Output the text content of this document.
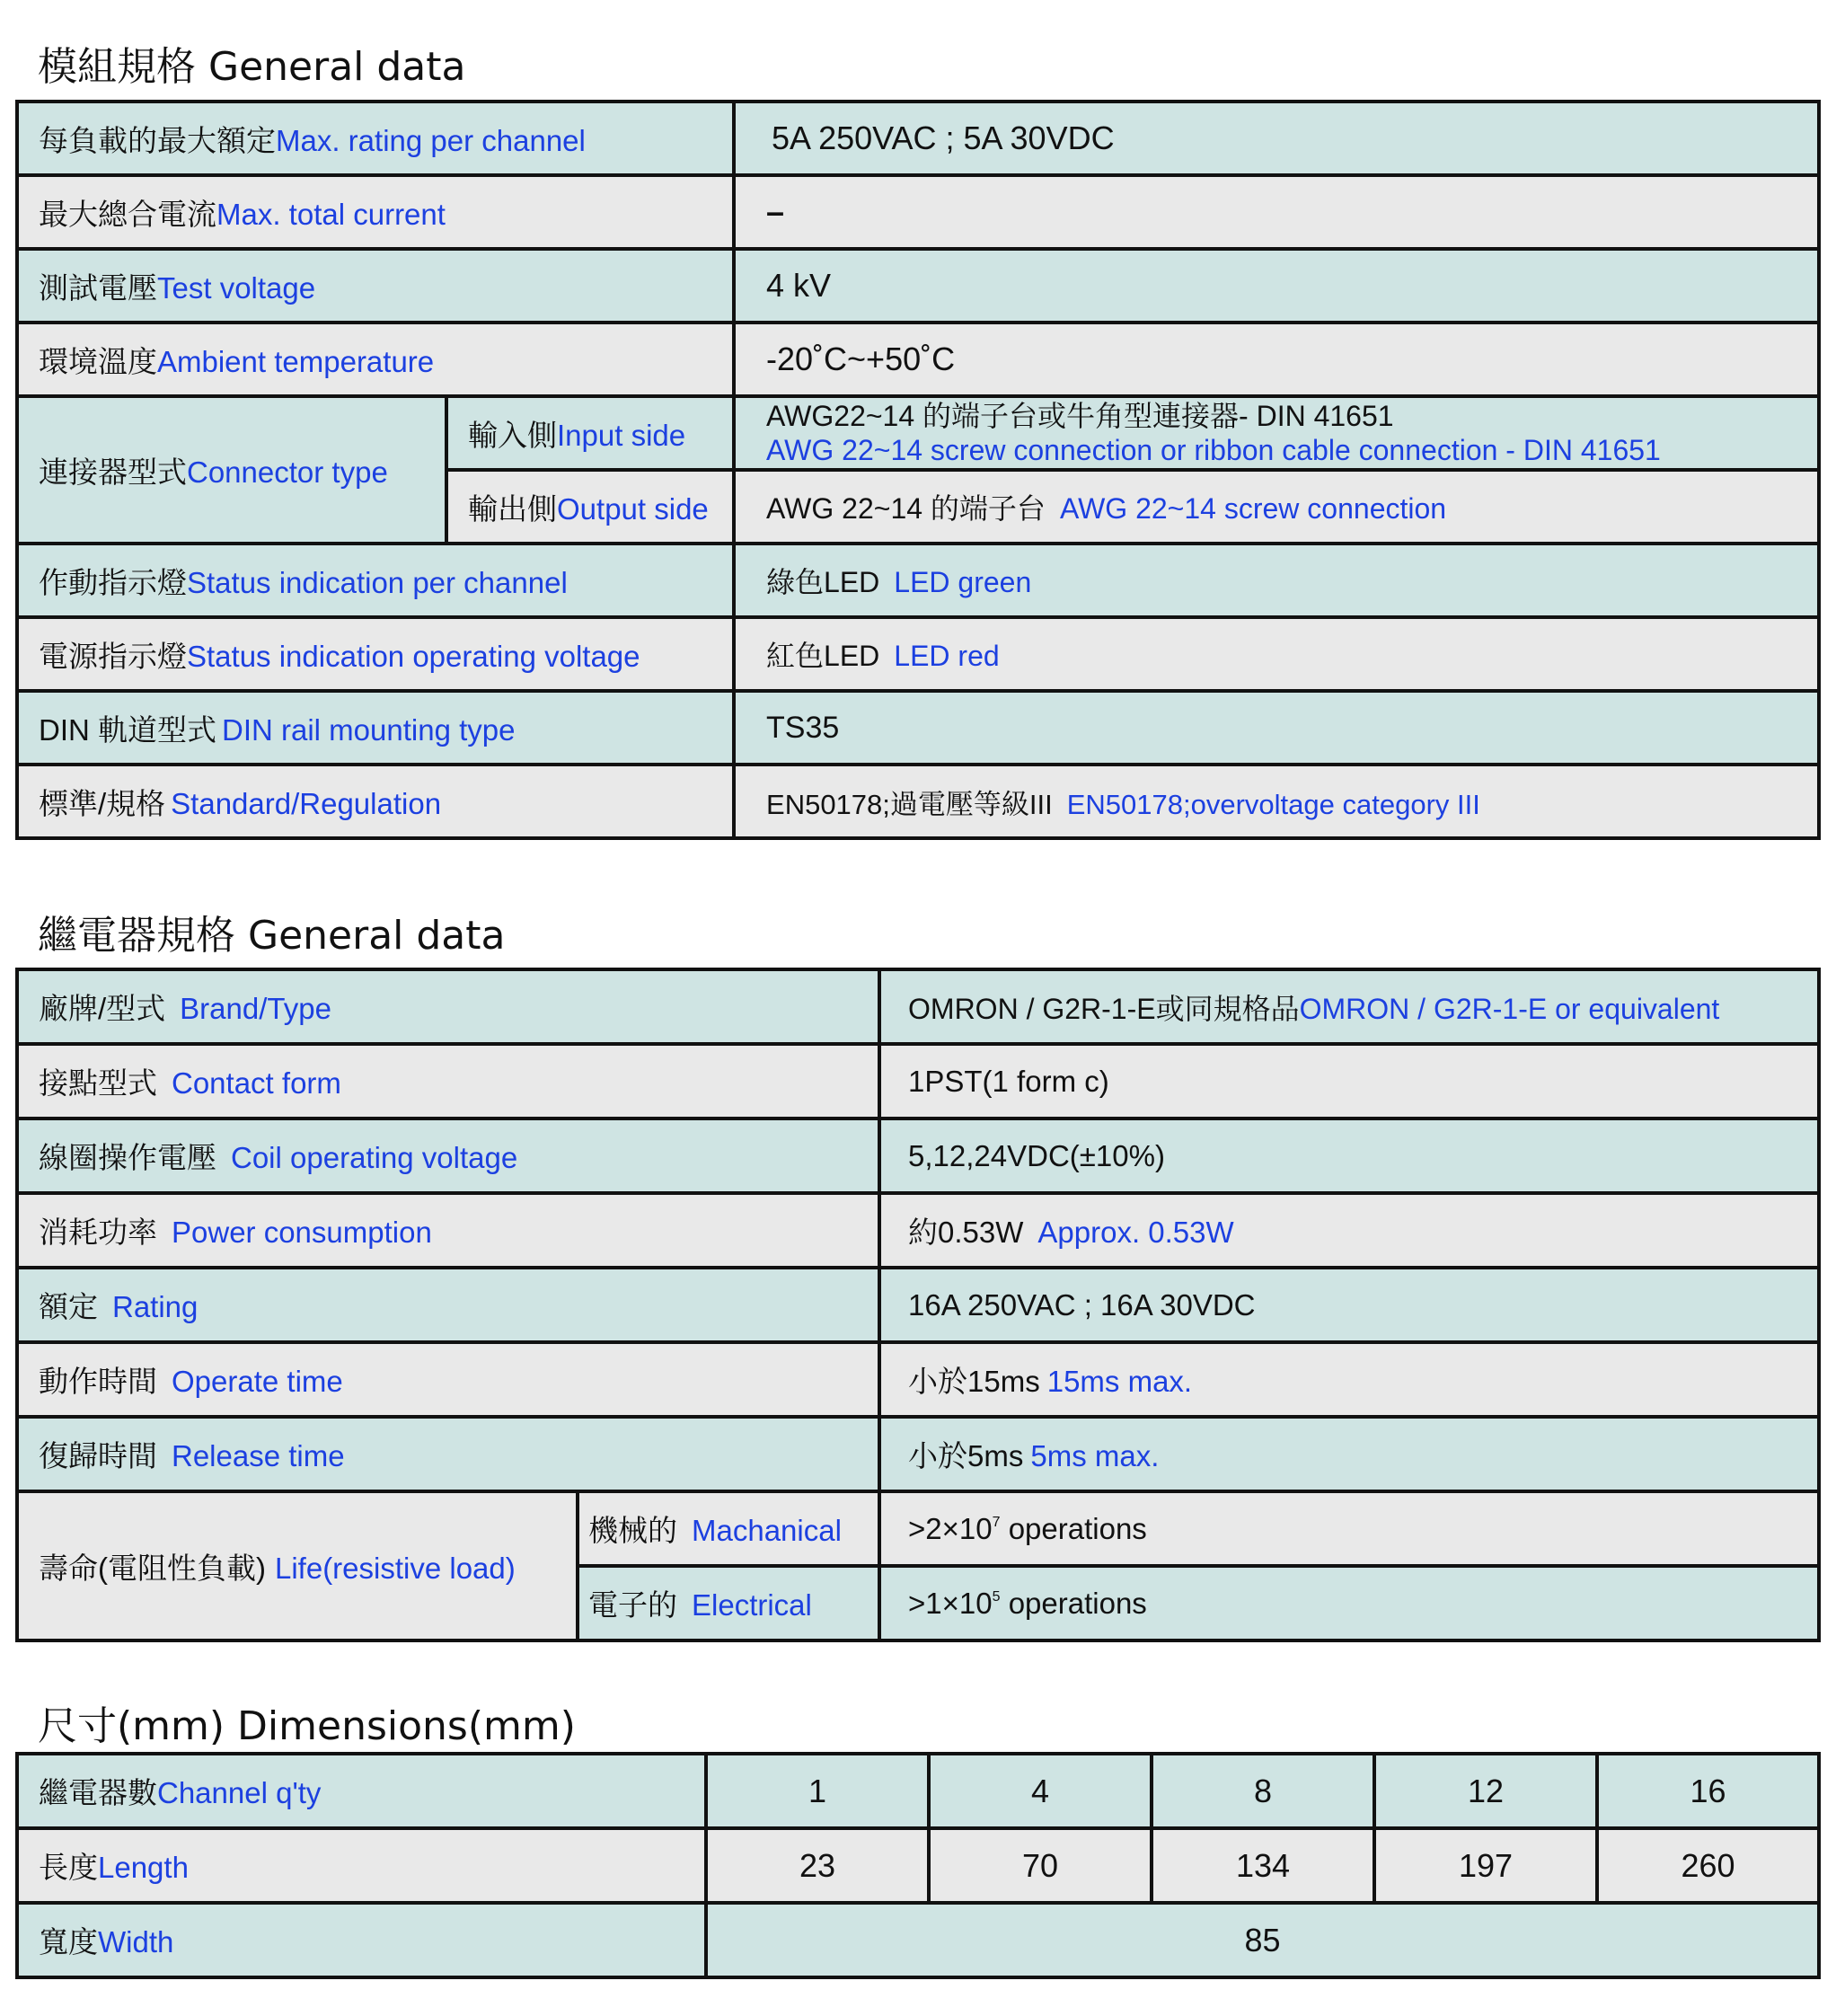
模組規格 General data
每負載的最大額定Max. rating per channel		5A 250VAC ; 5A 30VDC
最大總合電流Max. total current		–
測試電壓Test voltage		4 kV
環境溫度Ambient temperature		-20˚C~+50˚C
連接器型式Connector type	輸入側Input side	AWG22~14 的端子台或牛角型連接器- DIN 41651
AWG 22~14 screw connection or ribbon cable connection - DIN 41651

	輸出側Output side	AWG 22~14 的端子台 AWG 22~14 screw connection
作動指示燈Status indication per channel		綠色LED LED green
電源指示燈Status indication operating voltage		紅色LED LED red
DIN 軌道型式 DIN rail mounting type		TS35
標準/規格 Standard/Regulation		EN50178;過電壓等級III EN50178;overvoltage category III
繼電器規格 General data
廠牌/型式 Brand/Type		OMRON / G2R-1-E或同規格品OMRON / G2R-1-E or equivalent
接點型式 Contact form		1PST(1 form c)
線圈操作電壓 Coil operating voltage		5,12,24VDC(±10%)
消耗功率 Power consumption		約0.53W Approx. 0.53W
額定 Rating		16A 250VAC ; 16A 30VDC
動作時間 Operate time		小於15ms 15ms max.
復歸時間 Release time		小於5ms 5ms max.
壽命(電阻性負載) Life(resistive load)	機械的 Machanical	$>2\times 10^7$ operations
	電子的 Electrical	$>1\times 10^5$ operations
尺寸(mm) Dimensions(mm)
繼電器數Channel q'ty	1	4	8	12	16
長度Length	23	70	134	197	260
寬度Width	85				
